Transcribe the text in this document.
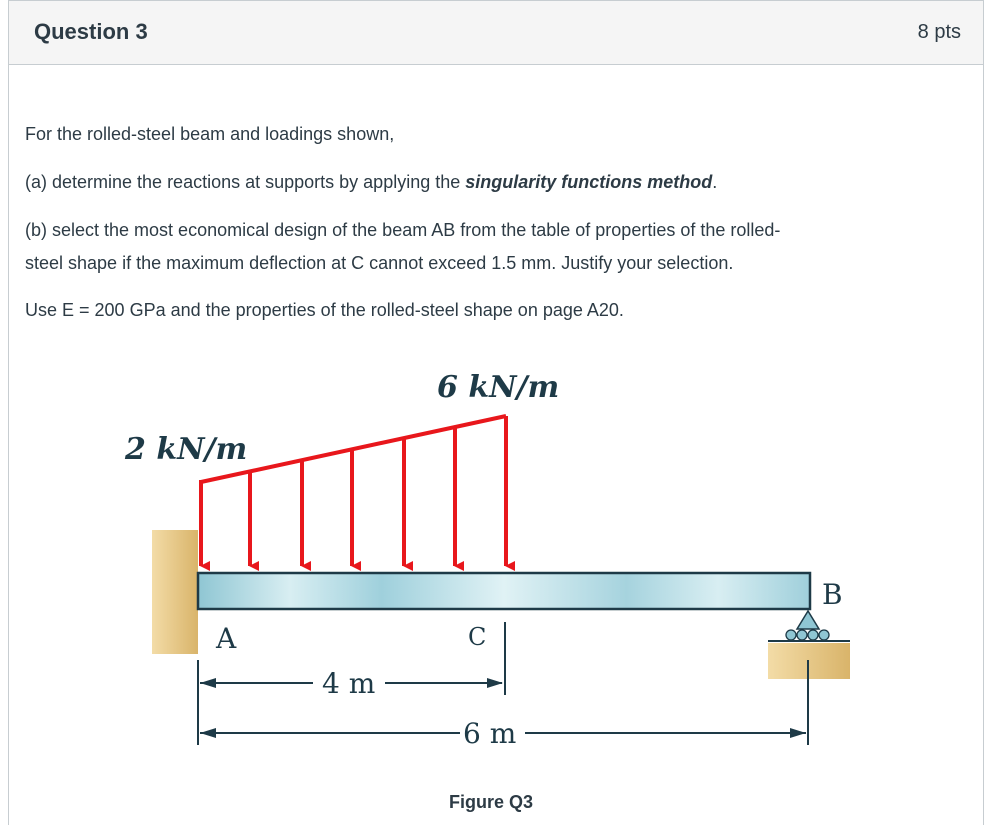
Question 3	8 pts
For the rolled-steel beam and loadings shown,
(a) determine the reactions at supports by applying the singularity functions method.
(b) select the most economical design of the beam AB from the table of properties of the rolled-
steel shape if the maximum deflection at C cannot exceed 1.5 mm. Justify your selection.
Use E = 200 GPa and the properties of the rolled-steel shape on page A20.
6 kN/m
2 kN/m
A
B
C
4 m
6 m
Figure Q3
